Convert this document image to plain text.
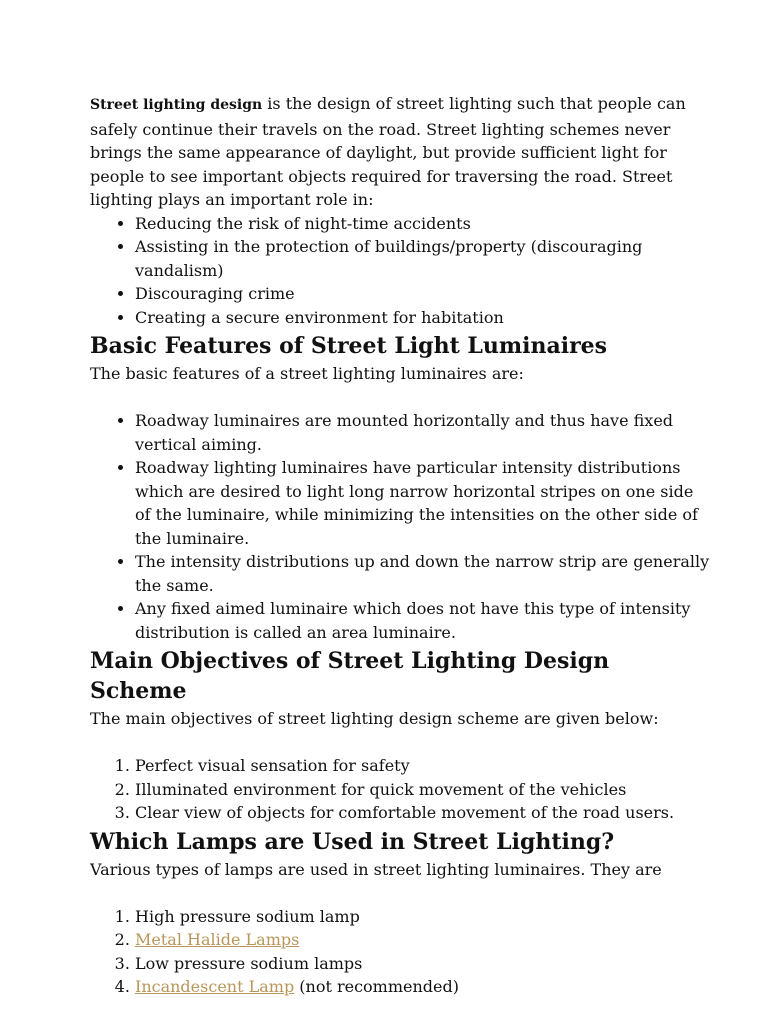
Street lighting design is the design of street lighting such that people can safely continue their travels on the road. Street lighting schemes never brings the same appearance of daylight, but provide sufficient light for people to see important objects required for traversing the road. Street lighting plays an important role in:

• Reducing the risk of night-time accidents
• Assisting in the protection of buildings/property (discouraging vandalism)
• Discouraging crime
• Creating a secure environment for habitation
Basic Features of Street Light Luminaires

The basic features of a street lighting luminaires are:

• Roadway luminaires are mounted horizontally and thus have fixed vertical aiming.
• Roadway lighting luminaires have particular intensity distributions which are desired to light long narrow horizontal stripes on one side of the luminaire, while minimizing the intensities on the other side of the luminaire.
• The intensity distributions up and down the narrow strip are generally the same.
• Any fixed aimed luminaire which does not have this type of intensity distribution is called an area luminaire.
Main Objectives of Street Lighting Design Scheme

The main objectives of street lighting design scheme are given below:

1. Perfect visual sensation for safety
2. Illuminated environment for quick movement of the vehicles
3. Clear view of objects for comfortable movement of the road users.
Which Lamps are Used in Street Lighting?

Various types of lamps are used in street lighting luminaires. They are

1. High pressure sodium lamp
2. Metal Halide Lamps
3. Low pressure sodium lamps
4. Incandescent Lamp (not recommended)
